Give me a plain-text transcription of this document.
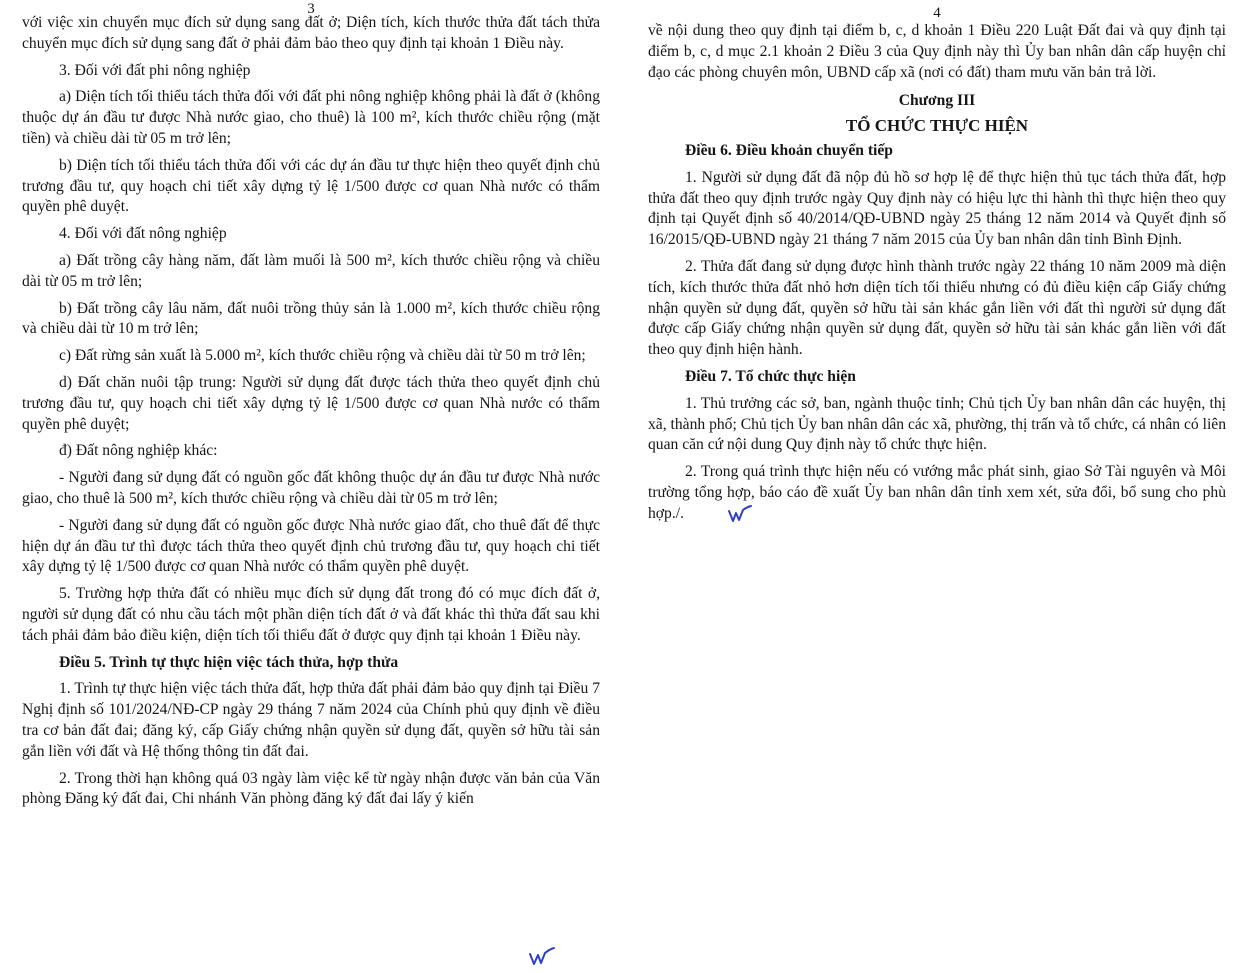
3

với việc xin chuyển mục đích sử dụng sang đất ở; Diện tích, kích thước thửa đất tách thửa chuyển mục đích sử dụng sang đất ở phải đảm bảo theo quy định tại khoản 1 Điều này.

3. Đối với đất phi nông nghiệp

a) Diện tích tối thiểu tách thửa đối với đất phi nông nghiệp không phải là đất ở (không thuộc dự án đầu tư được Nhà nước giao, cho thuê) là 100 m², kích thước chiều rộng (mặt tiền) và chiều dài từ 05 m trở lên;

b) Diện tích tối thiểu tách thửa đối với các dự án đầu tư thực hiện theo quyết định chủ trương đầu tư, quy hoạch chi tiết xây dựng tỷ lệ 1/500 được cơ quan Nhà nước có thẩm quyền phê duyệt.

4. Đối với đất nông nghiệp

a) Đất trồng cây hàng năm, đất làm muối là 500 m², kích thước chiều rộng và chiều dài từ 05 m trở lên;

b) Đất trồng cây lâu năm, đất nuôi trồng thủy sản là 1.000 m², kích thước chiều rộng và chiều dài từ 10 m trở lên;

c) Đất rừng sản xuất là 5.000 m², kích thước chiều rộng và chiều dài từ 50 m trở lên;

d) Đất chăn nuôi tập trung: Người sử dụng đất được tách thửa theo quyết định chủ trương đầu tư, quy hoạch chi tiết xây dựng tỷ lệ 1/500 được cơ quan Nhà nước có thẩm quyền phê duyệt;

đ) Đất nông nghiệp khác:

- Người đang sử dụng đất có nguồn gốc đất không thuộc dự án đầu tư được Nhà nước giao, cho thuê là 500 m², kích thước chiều rộng và chiều dài từ 05 m trở lên;

- Người đang sử dụng đất có nguồn gốc được Nhà nước giao đất, cho thuê đất để thực hiện dự án đầu tư thì được tách thửa theo quyết định chủ trương đầu tư, quy hoạch chi tiết xây dựng tỷ lệ 1/500 được cơ quan Nhà nước có thẩm quyền phê duyệt.

5. Trường hợp thửa đất có nhiều mục đích sử dụng đất trong đó có mục đích đất ở, người sử dụng đất có nhu cầu tách một phần diện tích đất ở và đất khác thì thửa đất sau khi tách phải đảm bảo điều kiện, diện tích tối thiểu đất ở được quy định tại khoản 1 Điều này.

Điều 5. Trình tự thực hiện việc tách thửa, hợp thửa

1. Trình tự thực hiện việc tách thửa đất, hợp thửa đất phải đảm bảo quy định tại Điều 7 Nghị định số 101/2024/NĐ-CP ngày 29 tháng 7 năm 2024 của Chính phủ quy định về điều tra cơ bản đất đai; đăng ký, cấp Giấy chứng nhận quyền sử dụng đất, quyền sở hữu tài sản gắn liền với đất và Hệ thống thông tin đất đai.

2. Trong thời hạn không quá 03 ngày làm việc kể từ ngày nhận được văn bản của Văn phòng Đăng ký đất đai, Chi nhánh Văn phòng đăng ký đất đai lấy ý kiến

4

về nội dung theo quy định tại điểm b, c, d khoản 1 Điều 220 Luật Đất đai và quy định tại điểm b, c, d mục 2.1 khoản 2 Điều 3 của Quy định này thì Ủy ban nhân dân cấp huyện chỉ đạo các phòng chuyên môn, UBND cấp xã (nơi có đất) tham mưu văn bản trả lời.

Chương III

TỔ CHỨC THỰC HIỆN

Điều 6. Điều khoản chuyển tiếp

1. Người sử dụng đất đã nộp đủ hồ sơ hợp lệ để thực hiện thủ tục tách thửa đất, hợp thửa đất theo quy định trước ngày Quy định này có hiệu lực thi hành thì thực hiện theo quy định tại Quyết định số 40/2014/QĐ-UBND ngày 25 tháng 12 năm 2014 và Quyết định số 16/2015/QĐ-UBND ngày 21 tháng 7 năm 2015 của Ủy ban nhân dân tỉnh Bình Định.

2. Thửa đất đang sử dụng được hình thành trước ngày 22 tháng 10 năm 2009 mà diện tích, kích thước thửa đất nhỏ hơn diện tích tối thiểu nhưng có đủ điều kiện cấp Giấy chứng nhận quyền sử dụng đất, quyền sở hữu tài sản khác gắn liền với đất thì người sử dụng đất được cấp Giấy chứng nhận quyền sử dụng đất, quyền sở hữu tài sản khác gắn liền với đất theo quy định hiện hành.

Điều 7. Tổ chức thực hiện

1. Thủ trưởng các sở, ban, ngành thuộc tỉnh; Chủ tịch Ủy ban nhân dân các huyện, thị xã, thành phố; Chủ tịch Ủy ban nhân dân các xã, phường, thị trấn và tổ chức, cá nhân có liên quan căn cứ nội dung Quy định này tổ chức thực hiện.

2. Trong quá trình thực hiện nếu có vướng mắc phát sinh, giao Sở Tài nguyên và Môi trường tổng hợp, báo cáo đề xuất Ủy ban nhân dân tỉnh xem xét, sửa đổi, bổ sung cho phù hợp./.
